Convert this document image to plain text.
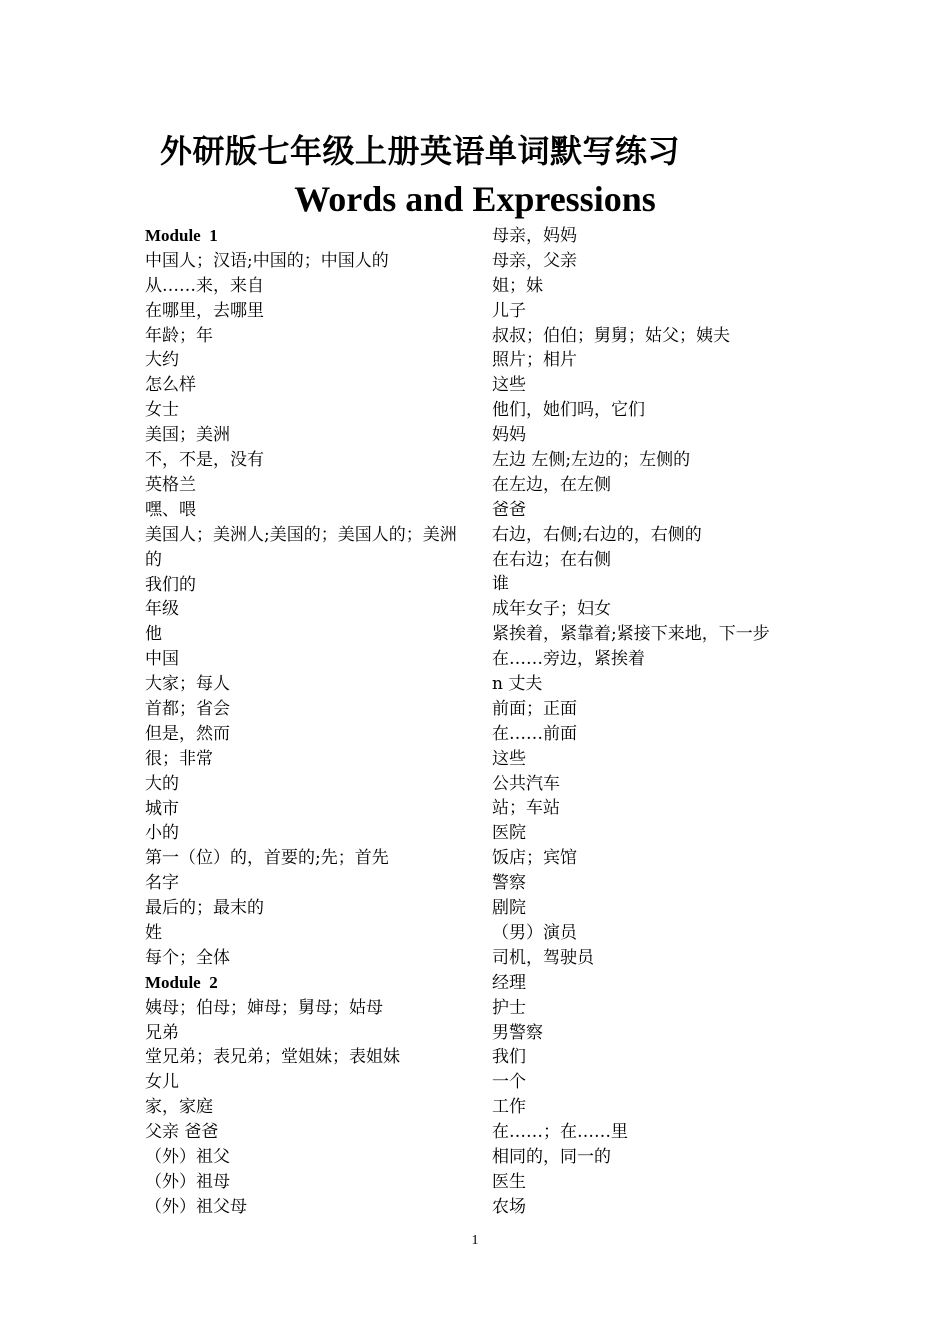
外研版七年级上册英语单词默写练习
Words and Expressions
Module  1
中国人；汉语;中国的；中国人的
从……来，来自
在哪里，去哪里
年龄；年
大约
怎么样
女士
美国；美洲
不，不是，没有
英格兰
嘿、喂
美国人；美洲人;美国的；美国人的；美洲的
我们的
年级
他
中国
大家；每人
首都；省会
但是，然而
很；非常
大的
城市
小的
第一（位）的，首要的;先；首先
名字
最后的；最末的
姓
每个；全体
Module  2
姨母；伯母；婶母；舅母；姑母
兄弟
堂兄弟；表兄弟；堂姐妹；表姐妹
女儿
家，家庭
父亲 爸爸
（外）祖父
（外）祖母
（外）祖父母
母亲，妈妈
母亲，父亲
姐；妹
儿子
叔叔；伯伯；舅舅；姑父；姨夫
照片；相片
这些
他们，她们吗，它们
妈妈
左边 左侧;左边的；左侧的
在左边，在左侧
爸爸
右边，右侧;右边的，右侧的
在右边；在右侧
谁
成年女子；妇女
紧挨着，紧靠着;紧接下来地，下一步
在……旁边，紧挨着
n 丈夫
前面；正面
在……前面
这些
公共汽车
站；车站
医院
饭店；宾馆
警察
剧院
（男）演员
司机，驾驶员
经理
护士
男警察
我们
一个
工作
在……；在……里
相同的，同一的
医生
农场
1
